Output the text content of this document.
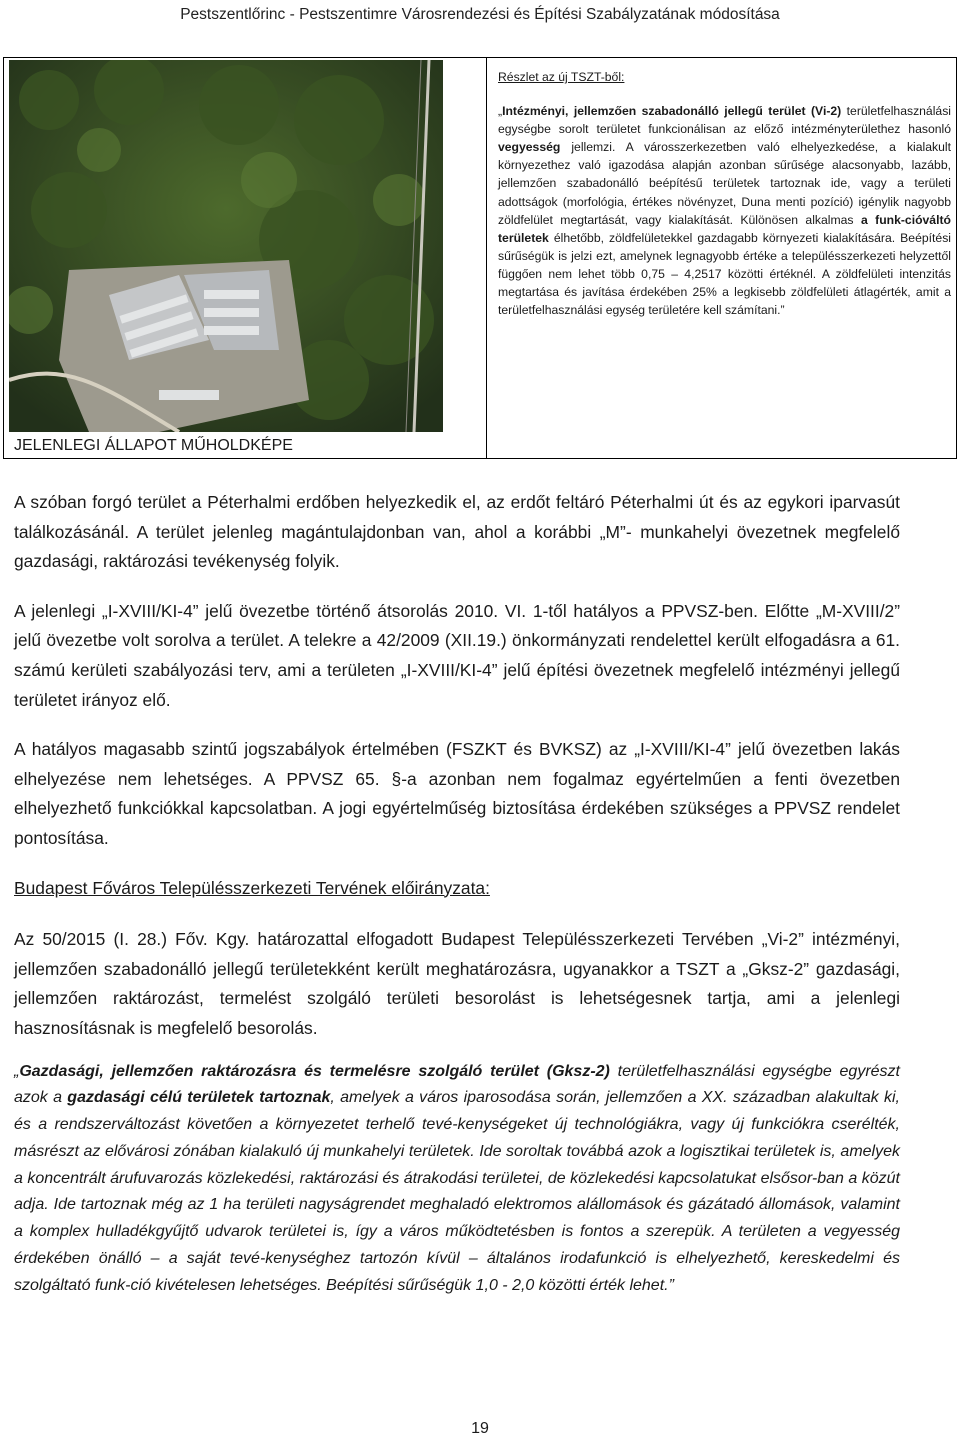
Pestszentlőrinc - Pestszentimre Városrendezési és Építési Szabályzatának módosítása
JELENLEGI ÁLLAPOT MŰHOLDKÉPE

Részlet az új TSZT-ből:

„Intézményi, jellemzően szabadonálló jellegű terület (Vi-2) területfelhasználási egységbe sorolt területet funkcionálisan az előző intézményterülethez hasonló vegyesség jellemzi. A városszerkezetben való elhelyezkedése, a kialakult környezethez való igazodása alapján azonban sűrűsége alacsonyabb, lazább, jellemzően szabadonálló beépítésű területek tartoznak ide, vagy a területi adottságok (morfológia, értékes növényzet, Duna menti pozíció) igénylik nagyobb zöldfelület megtartását, vagy kialakítását. Különösen alkalmas a funk-cióváltó területek élhetőbb, zöldfelületekkel gazdagabb környezeti kialakítására. Beépítési sűrűségük is jelzi ezt, amelynek legnagyobb értéke a településszerkezeti helyzettől függően nem lehet több 0,75 – 4,2517 közötti értéknél. A zöldfelületi intenzitás megtartása és javítása érdekében 25% a legkisebb zöldfelületi átlagérték, amit a területfelhasználási egység területére kell számítani.”

A szóban forgó terület a Péterhalmi erdőben helyezkedik el, az erdőt feltáró Péterhalmi út és az egykori iparvasút találkozásánál. A terület jelenleg magántulajdonban van, ahol a korábbi „M”- munkahelyi övezetnek megfelelő gazdasági, raktározási tevékenység folyik.

A jelenlegi „I-XVIII/KI-4” jelű övezetbe történő átsorolás 2010. VI. 1-től hatályos a PPVSZ-ben. Előtte „M-XVIII/2” jelű övezetbe volt sorolva a terület. A telekre a 42/2009 (XII.19.) önkormányzati rendelettel került elfogadásra a 61. számú kerületi szabályozási terv, ami a területen „I-XVIII/KI-4” jelű építési övezetnek megfelelő intézményi jellegű területet irányoz elő.

A hatályos magasabb szintű jogszabályok értelmében (FSZKT és BVKSZ) az „I-XVIII/KI-4” jelű övezetben lakás elhelyezése nem lehetséges. A PPVSZ 65. §-a azonban nem fogalmaz egyértelműen a fenti övezetben elhelyezhető funkciókkal kapcsolatban. A jogi egyértelműség biztosítása érdekében szükséges a PPVSZ rendelet pontosítása.

Budapest Főváros Településszerkezeti Tervének előirányzata:

Az 50/2015 (I. 28.) Főv. Kgy. határozattal elfogadott Budapest Településszerkezeti Tervében „Vi-2” intézményi, jellemzően szabadonálló jellegű területekként került meghatározásra, ugyanakkor a TSZT a „Gksz-2” gazdasági, jellemzően raktározást, termelést szolgáló területi besorolást is lehetségesnek tartja, ami a jelenlegi hasznosításnak is megfelelő besorolás.

„Gazdasági, jellemzően raktározásra és termelésre szolgáló terület (Gksz-2) területfelhasználási egységbe egyrészt azok a gazdasági célú területek tartoznak, amelyek a város iparosodása során, jellemzően a XX. században alakultak ki, és a rendszerváltozást követően a környezetet terhelő tevé-kenységeket új technológiákra, vagy új funkciókra cserélték, másrészt az elővárosi zónában kialakuló új munkahelyi területek. Ide soroltak továbbá azok a logisztikai területek is, amelyek a koncentrált árufuvarozás közlekedési, raktározási és átrakodási területei, de közlekedési kapcsolatukat elsősor-ban a közút adja. Ide tartoznak még az 1 ha területi nagyságrendet meghaladó elektromos alállomások és gázátadó állomások, valamint a komplex hulladékgyűjtő udvarok területei is, így a város működtetésben is fontos a szerepük. A területen a vegyesség érdekében önálló – a saját tevé-kenységhez tartozón kívül – általános irodafunkció is elhelyezhető, kereskedelmi és szolgáltató funk-ció kivételesen lehetséges. Beépítési sűrűségük 1,0 - 2,0 közötti érték lehet.”

19
